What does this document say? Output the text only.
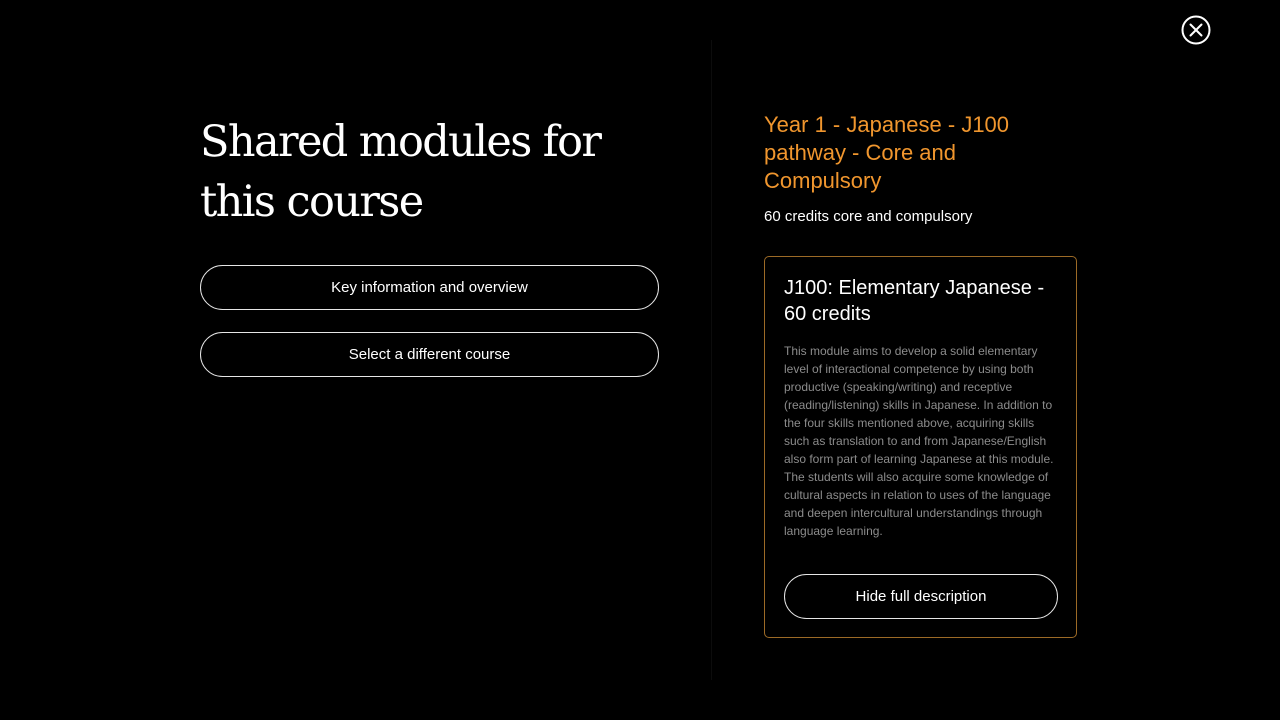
Shared modules for this course
Key information and overview
Select a different course
Year 1 - Japanese - J100 pathway - Core and Compulsory

60 credits core and compulsory

J100: Elementary Japanese - 60 credits

This module aims to develop a solid elementary level of interactional competence by using both productive (speaking/writing) and receptive (reading/listening) skills in Japanese. In addition to the four skills mentioned above, acquiring skills such as translation to and from Japanese/English also form part of learning Japanese at this module. The students will also acquire some knowledge of cultural aspects in relation to uses of the language and deepen intercultural understandings through language learning.

Hide full description
